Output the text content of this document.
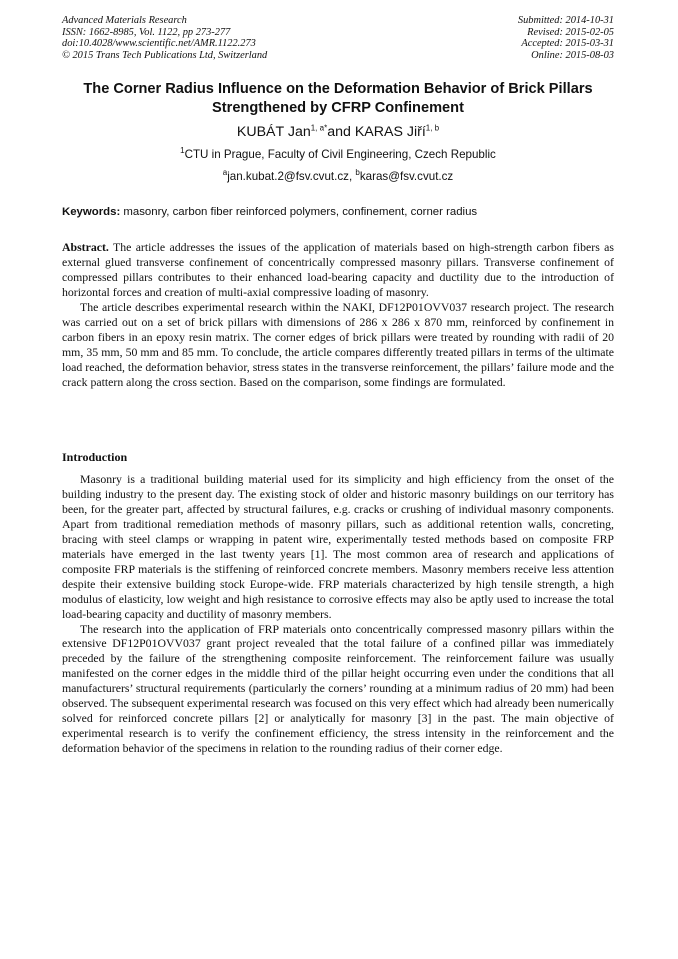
Advanced Materials Research
ISSN: 1662-8985, Vol. 1122, pp 273-277
doi:10.4028/www.scientific.net/AMR.1122.273
© 2015 Trans Tech Publications Ltd, Switzerland
Submitted: 2014-10-31
Revised: 2015-02-05
Accepted: 2015-03-31
Online: 2015-08-03
The Corner Radius Influence on the Deformation Behavior of Brick Pillars Strengthened by CFRP Confinement
KUBÁT Jan$^{1, a*}$and KARAS Jiří$^{1, b}$
$^1$CTU in Prague, Faculty of Civil Engineering, Czech Republic
$^a$jan.kubat.2@fsv.cvut.cz, $^b$karas@fsv.cvut.cz
Keywords: masonry, carbon fiber reinforced polymers, confinement, corner radius

Abstract. The article addresses the issues of the application of materials based on high-strength carbon fibers as external glued transverse confinement of concentrically compressed masonry pillars. Transverse confinement of compressed pillars contributes to their enhanced load-bearing capacity and ductility due to the introduction of horizontal forces and creation of multi-axial compressive loading of masonry.

The article describes experimental research within the NAKI, DF12P01OVV037 research project. The research was carried out on a set of brick pillars with dimensions of 286 x 286 x 870 mm, reinforced by confinement in carbon fibers in an epoxy resin matrix. The corner edges of brick pillars were treated by rounding with radii of 20 mm, 35 mm, 50 mm and 85 mm. To conclude, the article compares differently treated pillars in terms of the ultimate load reached, the deformation behavior, stress states in the transverse reinforcement, the pillars’ failure mode and the crack pattern along the cross section. Based on the comparison, some findings are formulated.

Introduction

Masonry is a traditional building material used for its simplicity and high efficiency from the onset of the building industry to the present day. The existing stock of older and historic masonry buildings on our territory has been, for the greater part, affected by structural failures, e.g. cracks or crushing of individual masonry components. Apart from traditional remediation methods of masonry pillars, such as additional retention walls, concreting, bracing with steel clamps or wrapping in patent wire, experimentally tested methods based on composite FRP materials have emerged in the last twenty years [1]. The most common area of research and applications of composite FRP materials is the stiffening of reinforced concrete members. Masonry members receive less attention despite their extensive building stock Europe-wide. FRP materials characterized by high tensile strength, a high modulus of elasticity, low weight and high resistance to corrosive effects may also be aptly used to increase the total load-bearing capacity and ductility of masonry members.

The research into the application of FRP materials onto concentrically compressed masonry pillars within the extensive DF12P01OVV037 grant project revealed that the total failure of a confined pillar was immediately preceded by the failure of the strengthening composite reinforcement. The reinforcement failure was usually manifested on the corner edges in the middle third of the pillar height occurring even under the conditions that all manufacturers’ structural requirements (particularly the corners’ rounding at a minimum radius of 20 mm) had been observed. The subsequent experimental research was focused on this very effect which had already been numerically solved for reinforced concrete pillars [2] or analytically for masonry [3] in the past. The main objective of experimental research is to verify the confinement efficiency, the stress intensity in the reinforcement and the deformation behavior of the specimens in relation to the rounding radius of their corner edge.
